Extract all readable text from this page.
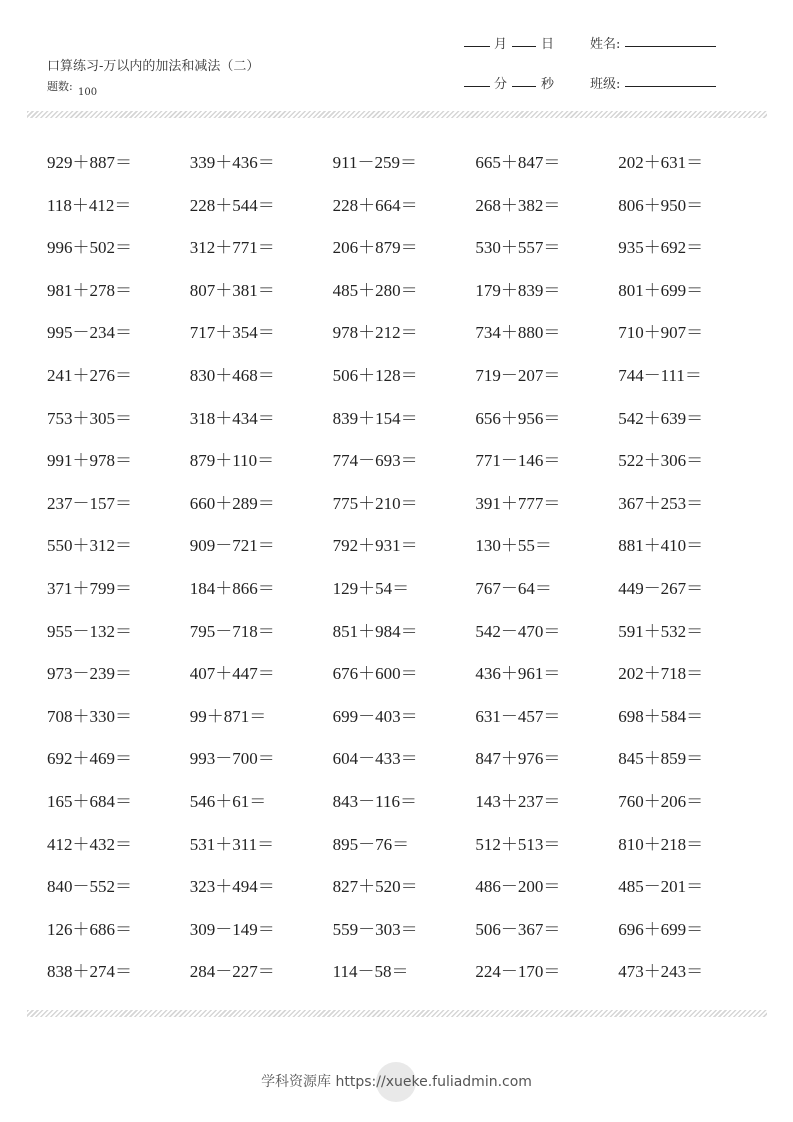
口算练习-万以内的加法和减法（二）
题数: 100
月	日
分	秒
姓名:
班级:
929＋887＝	339＋436＝	911－259＝	665＋847＝	202＋631＝
118＋412＝	228＋544＝	228＋664＝	268＋382＝	806＋950＝
996＋502＝	312＋771＝	206＋879＝	530＋557＝	935＋692＝
981＋278＝	807＋381＝	485＋280＝	179＋839＝	801＋699＝
995－234＝	717＋354＝	978＋212＝	734＋880＝	710＋907＝
241＋276＝	830＋468＝	506＋128＝	719－207＝	744－111＝
753＋305＝	318＋434＝	839＋154＝	656＋956＝	542＋639＝
991＋978＝	879＋110＝	774－693＝	771－146＝	522＋306＝
237－157＝	660＋289＝	775＋210＝	391＋777＝	367＋253＝
550＋312＝	909－721＝	792＋931＝	130＋55＝	881＋410＝
371＋799＝	184＋866＝	129＋54＝	767－64＝	449－267＝
955－132＝	795－718＝	851＋984＝	542－470＝	591＋532＝
973－239＝	407＋447＝	676＋600＝	436＋961＝	202＋718＝
708＋330＝	99＋871＝	699－403＝	631－457＝	698＋584＝
692＋469＝	993－700＝	604－433＝	847＋976＝	845＋859＝
165＋684＝	546＋61＝	843－116＝	143＋237＝	760＋206＝
412＋432＝	531＋311＝	895－76＝	512＋513＝	810＋218＝
840－552＝	323＋494＝	827＋520＝	486－200＝	485－201＝
126＋686＝	309－149＝	559－303＝	506－367＝	696＋699＝
838＋274＝	284－227＝	114－58＝	224－170＝	473＋243＝
学科资源库 https://xueke.fuliadmin.com
